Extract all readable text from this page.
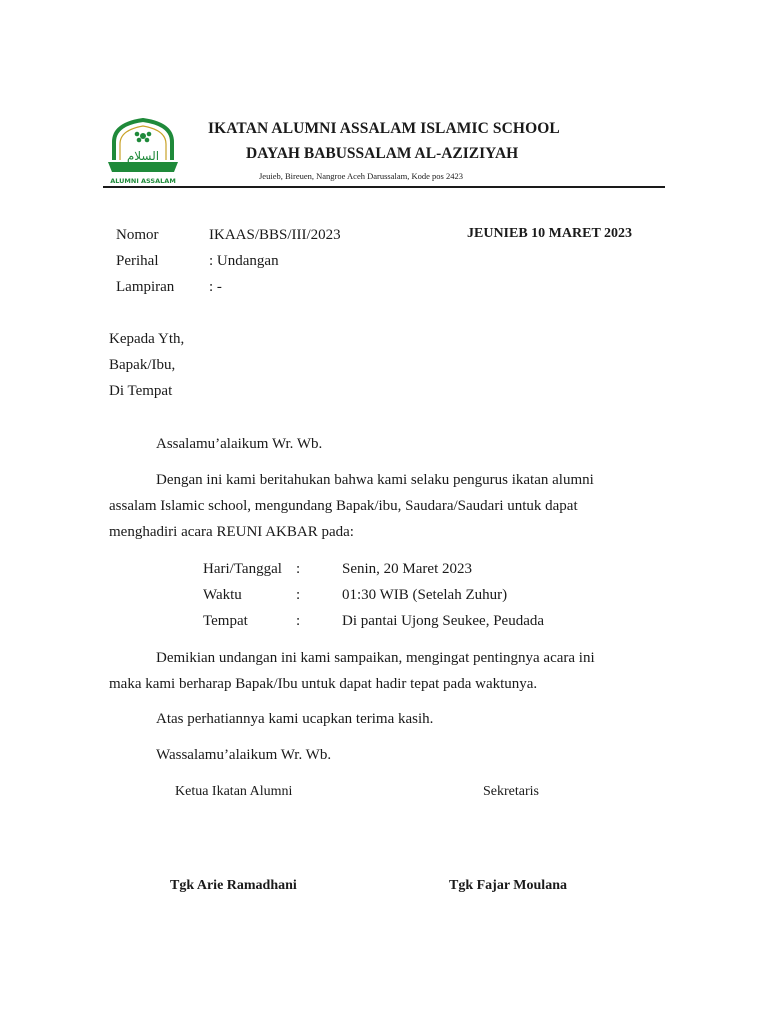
السلام
ALUMNI ASSALAM
IKATAN ALUMNI ASSALAM ISLAMIC SCHOOL
DAYAH BABUSSALAM AL-AZIZIYAH
Jeuieb, Bireuen, Nangroe Aceh Darussalam, Kode pos 2423
Nomor	IKAAS/BBS/III/2023	JEUNIEB 10 MARET 2023
Perihal	: Undangan
Lampiran : -
Kepada Yth,
Bapak/Ibu,
Di Tempat
Assalamu’alaikum Wr. Wb.
Dengan ini kami beritahukan bahwa kami selaku pengurus ikatan alumni
assalam Islamic school, mengundang Bapak/ibu, Saudara/Saudari untuk dapat
menghadiri acara REUNI AKBAR pada:
Hari/Tanggal :	Senin, 20 Maret 2023
Waktu	:	01:30 WIB (Setelah Zuhur)
Tempat	:	Di pantai Ujong Seukee, Peudada
Demikian undangan ini kami sampaikan, mengingat pentingnya acara ini
maka kami berharap Bapak/Ibu untuk dapat hadir tepat pada waktunya.
Atas perhatiannya kami ucapkan terima kasih.
Wassalamu’alaikum Wr. Wb.
Ketua Ikatan Alumni	Sekretaris
Tgk Arie Ramadhani	Tgk Fajar Moulana
